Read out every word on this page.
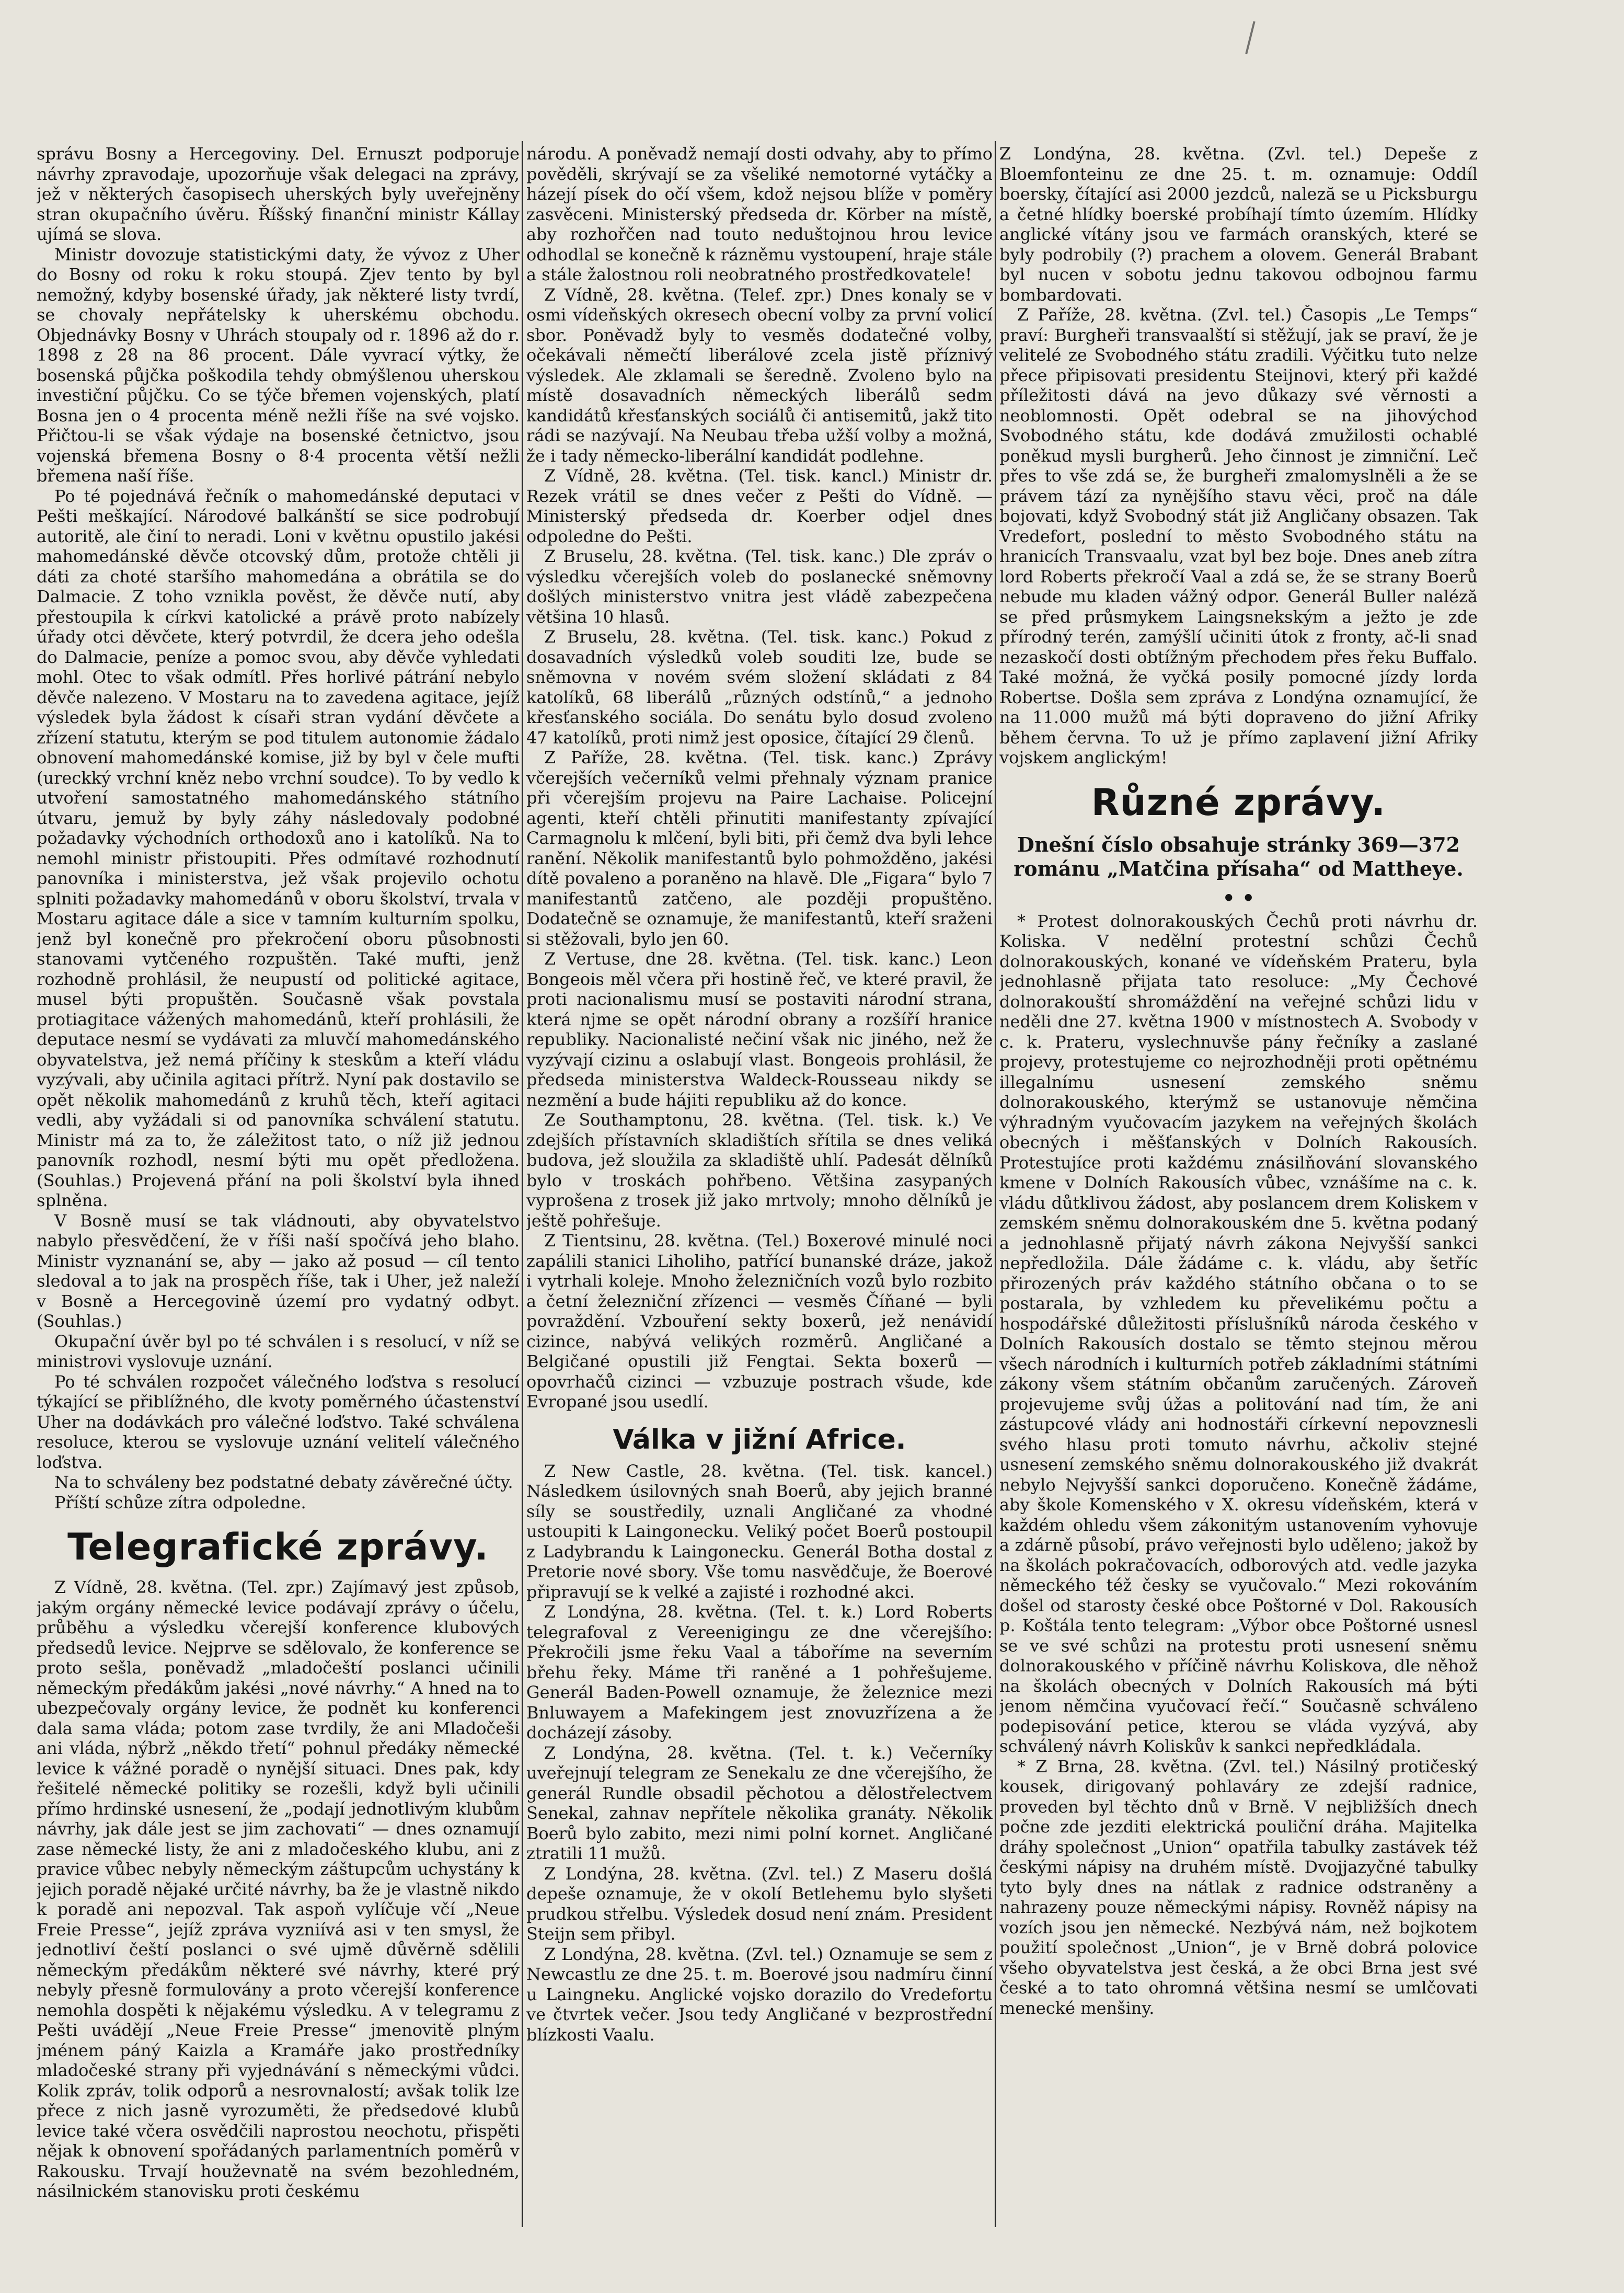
správu Bosny a Hercegoviny. Del. Ernuszt podporuje návrhy zpravodaje, upozorňuje však delegaci na zprávy, jež v některých časopisech uherských byly uveřejněny stran okupačního úvěru. Říšský finanční ministr Kállay ujímá se slova.

Ministr dovozuje statistickými daty, že vývoz z Uher do Bosny od roku k roku stoupá. Zjev tento by byl nemožný, kdyby bosenské úřady, jak některé listy tvrdí, se chovaly nepřátelsky k uherskému obchodu. Objednávky Bosny v Uhrách stoupaly od r. 1896 až do r. 1898 z 28 na 86 procent. Dále vyvrací výtky, že bosenská půjčka poškodila tehdy obmýšlenou uherskou investiční půjčku. Co se týče břemen vojenských, platí Bosna jen o 4 procenta méně nežli říše na své vojsko. Přičtou-li se však výdaje na bosenské četnictvo, jsou vojenská břemena Bosny o 8·4 procenta větší nežli břemena naší říše.

Po té pojednává řečník o mahomedánské deputaci v Pešti meškající. Národové balkánští se sice podrobují autoritě, ale činí to neradi. Loni v květnu opustilo jakési mahomedánské děvče otcovský dům, protože chtěli ji dáti za choté staršího mahomedána a obrátila se do Dalmacie. Z toho vznikla pověst, že děvče nutí, aby přestoupila k církvi katolické a právě proto nabízely úřady otci děvčete, který potvrdil, že dcera jeho odešla do Dalmacie, peníze a pomoc svou, aby děvče vyhledati mohl. Otec to však odmítl. Přes horlivé pátrání nebylo děvče nalezeno. V Mostaru na to zavedena agitace, jejíž výsledek byla žádost k císaři stran vydání děvčete a zřízení statutu, kterým se pod titulem autonomie žádalo obnovení mahomedánské komise, již by byl v čele mufti (ureckký vrchní kněz nebo vrchní soudce). To by vedlo k utvoření samostatného mahomedánského státního útvaru, jemuž by byly záhy následovaly podobné požadavky východních orthodoxů ano i katolíků. Na to nemohl ministr přistoupiti. Přes odmítavé rozhodnutí panovníka i ministerstva, jež však projevilo ochotu splniti požadavky mahomedánů v oboru školství, trvala v Mostaru agitace dále a sice v tamním kulturním spolku, jenž byl konečně pro překročení oboru působnosti stanovami vytčeného rozpuštěn. Také mufti, jenž rozhodně prohlásil, že neupustí od politické agitace, musel býti propuštěn. Současně však povstala protiagitace vážených mahomedánů, kteří prohlásili, že deputace nesmí se vydávati za mluvčí mahomedánského obyvatelstva, jež nemá příčiny k steskům a kteří vládu vyzývali, aby učinila agitaci přítrž. Nyní pak dostavilo se opět několik mahomedánů z kruhů těch, kteří agitaci vedli, aby vyžádali si od panovníka schválení statutu. Ministr má za to, že záležitost tato, o níž již jednou panovník rozhodl, nesmí býti mu opět předložena. (Souhlas.) Projevená přání na poli školství byla ihned splněna.

V Bosně musí se tak vládnouti, aby obyvatelstvo nabylo přesvědčení, že v říši naší spočívá jeho blaho. Ministr vyznanání se, aby — jako až posud — cíl tento sledoval a to jak na prospěch říše, tak i Uher, jež naleží v Bosně a Hercegovině území pro vydatný odbyt. (Souhlas.)

Okupační úvěr byl po té schválen i s resolucí, v níž se ministrovi vyslovuje uznání.

Po té schválen rozpočet válečného loďstva s resolucí týkající se přiblížného, dle kvoty poměrného účastenství Uher na dodávkách pro válečné loďstvo. Také schválena resoluce, kterou se vyslovuje uznání velitelí válečného loďstva.

Na to schváleny bez podstatné debaty závěrečné účty.

Příští schůze zítra odpoledne.

Telegrafické zprávy.

Z Vídně, 28. května. (Tel. zpr.) Zajímavý jest způsob, jakým orgány německé levice podávají zprávy o účelu, průběhu a výsledku včerejší konference klubových předsedů levice. Nejprve se sdělovalo, že konference se proto sešla, poněvadž „mladočeští poslanci učinili německým předákům jakési „nové návrhy.“ A hned na to ubezpečovaly orgány levice, že podnět ku konferenci dala sama vláda; potom zase tvrdily, že ani Mladočeši ani vláda, nýbrž „někdo třetí“ pohnul předáky německé levice k vážné poradě o nynější situaci. Dnes pak, kdy řešitelé německé politiky se rozešli, když byli učinili přímo hrdinské usnesení, že „podají jednotlivým klubům návrhy, jak dále jest se jim zachovati“ — dnes oznamují zase německé listy, že ani z mladočeského klubu, ani z pravice vůbec nebyly německým záštupcům uchystány k jejich poradě nějaké určité návrhy, ba že je vlastně nikdo k poradě ani nepozval. Tak aspoň vylíčuje včí „Neue Freie Presse“, jejíž zpráva vyzniívá asi v ten smysl, že jednotliví čeští poslanci o své ujmě důvěrně sdělili německým předákům některé své návrhy, které prý nebyly přesně formulovány a proto včerejší konference nemohla dospěti k nějakému výsledku. A v telegramu z Pešti uvádějí „Neue Freie Presse“ jmenovitě plným jménem páný Kaizla a Kramáře jako prostředníky mladočeské strany při vyjednávání s německými vůdci. Kolik zpráv, tolik odporů a nesrovnalostí; avšak tolik lze přece z nich jasně vyrozuměti, že předsedové klubů levice také včera osvědčili naprostou neochotu, přispěti nějak k obnovení spořádaných parlamentních poměrů v Rakousku. Trvají houževnatě na svém bezohledném, násilnickém stanovisku proti českému

národu. A poněvadž nemají dosti odvahy, aby to přímo pověděli, skrývají se za všeliké nemotorné vytáčky a házejí písek do očí všem, kdož nejsou blíže v poměry zasvěceni. Ministerský předseda dr. Körber na místě, aby rozhořčen nad touto neduštojnou hrou levice odhodlal se konečně k rázněmu vystoupení, hraje stále a stále žalostnou roli neobratného prostředkovatele!

Z Vídně, 28. května. (Telef. zpr.) Dnes konaly se v osmi vídeňských okresech obecní volby za první volicí sbor. Poněvadž byly to vesměs dodatečné volby, očekávali němečtí liberálové zcela jistě příznivý výsledek. Ale zklamali se šeredně. Zvoleno bylo na místě dosavadních německých liberálů sedm kandidátů křesťanských sociálů či antisemitů, jakž tito rádi se nazývají. Na Neubau třeba užší volby a možná, že i tady německo-liberální kandidát podlehne.

Z Vídně, 28. května. (Tel. tisk. kancl.) Ministr dr. Rezek vrátil se dnes večer z Pešti do Vídně. — Ministerský předseda dr. Koerber odjel dnes odpoledne do Pešti.

Z Bruselu, 28. května. (Tel. tisk. kanc.) Dle zpráv o výsledku včerejších voleb do poslanecké sněmovny došlých ministerstvo vnitra jest vládě zabezpečena většina 10 hlasů.

Z Bruselu, 28. května. (Tel. tisk. kanc.) Pokud z dosavadních výsledků voleb souditi lze, bude se sněmovna v novém svém složení skládati z 84 katolíků, 68 liberálů „různých odstínů,“ a jednoho křesťanského sociála. Do senátu bylo dosud zvoleno 47 katolíků, proti nimž jest oposice, čítající 29 členů.

Z Paříže, 28. května. (Tel. tisk. kanc.) Zprávy včerejších večerníků velmi přehnaly význam pranice při včerejším projevu na Paire Lachaise. Policejní agenti, kteří chtěli přinutiti manifestanty zpívající Carmagnolu k mlčení, byli biti, při čemž dva byli lehce ranění. Několik manifestantů bylo pohmožděno, jakési dítě povaleno a poraněno na hlavě. Dle „Figara“ bylo 7 manifestantů zatčeno, ale později propuštěno. Dodatečně se oznamuje, že manifestantů, kteří sraženi si stěžovali, bylo jen 60.

Z Vertuse, dne 28. května. (Tel. tisk. kanc.) Leon Bongeois měl včera při hostině řeč, ve které pravil, že proti nacionalismu musí se postaviti národní strana, která njme se opět národní obrany a rozšíří hranice republiky. Nacionalisté nečiní však nic jiného, než že vyzývají cizinu a oslabují vlast. Bongeois prohlásil, že předseda ministerstva Waldeck-Rousseau nikdy se nezmění a bude hájiti republiku až do konce.

Ze Southamptonu, 28. května. (Tel. tisk. k.) Ve zdejších přístavních skladištích sřítila se dnes veliká budova, jež sloužila za skladiště uhlí. Padesát dělníků bylo v troskách pohřbeno. Většina zasypaných vyprošena z trosek již jako mrtvoly; mnoho dělníků je ještě pohřešuje.

Z Tientsinu, 28. května. (Tel.) Boxerové minulé noci zapálili stanici Liholiho, patřící bunanské dráze, jakož i vytrhali koleje. Mnoho železničních vozů bylo rozbito a četní železniční zřízenci — vesměs Číňané — byli povraždění. Vzbouření sekty boxerů, jež nenávidí cizince, nabývá velikých rozměrů. Angličané a Belgičané opustili již Fengtai. Sekta boxerů — opovrhačů cizinci — vzbuzuje postrach všude, kde Evropané jsou usedlí.

Válka v jižní Africe.

Z New Castle, 28. května. (Tel. tisk. kancel.) Následkem úsilovných snah Boerů, aby jejich branné síly se soustředily, uznali Angličané za vhodné ustoupiti k Laingonecku. Veliký počet Boerů postoupil z Ladybrandu k Laingonecku. Generál Botha dostal z Pretorie nové sbory. Vše tomu nasvědčuje, že Boerové připravují se k velké a zajisté i rozhodné akci.

Z Londýna, 28. května. (Tel. t. k.) Lord Roberts telegrafoval z Vereenigingu ze dne včerejšího: Překročili jsme řeku Vaal a táboříme na severním břehu řeky. Máme tři raněné a 1 pohřešujeme. Generál Baden-Powell oznamuje, že železnice mezi Bnluwayem a Mafekingem jest znovuzřízena a že docházejí zásoby.

Z Londýna, 28. května. (Tel. t. k.) Večerníky uveřejnují telegram ze Senekalu ze dne včerejšího, že generál Rundle obsadil pěchotou a dělostřelectvem Senekal, zahnav nepřítele několika granáty. Několik Boerů bylo zabito, mezi nimi polní kornet. Angličané ztratili 11 mužů.

Z Londýna, 28. května. (Zvl. tel.) Z Maseru došlá depeše oznamuje, že v okolí Betlehemu bylo slyšeti prudkou střelbu. Výsledek dosud není znám. President Steijn sem přibyl.

Z Londýna, 28. května. (Zvl. tel.) Oznamuje se sem z Newcastlu ze dne 25. t. m. Boerové jsou nadmíru činní u Laingneku. Anglické vojsko dorazilo do Vredefortu ve čtvrtek večer. Jsou tedy Angličané v bezprostřední blízkosti Vaalu.

Z Londýna, 28. května. (Zvl. tel.) Depeše z Bloemfonteinu ze dne 25. t. m. oznamuje: Oddíl boersky, čítající asi 2000 jezdců, naleză se u Picksburgu a četné hlídky boerské probíhají tímto územím. Hlídky anglické vítány jsou ve farmách oranských, které se byly podrobily (?) prachem a olovem. Generál Brabant byl nucen v sobotu jednu takovou odbojnou farmu bombardovati.

Z Paříže, 28. května. (Zvl. tel.) Časopis „Le Temps“ praví: Burgheři transvaalští si stěžují, jak se praví, že je velitelé ze Svobodného státu zradili. Výčitku tuto nelze přece připisovati presidentu Steijnovi, který při každé příležitosti dává na jevo důkazy své věrnosti a neoblomnosti. Opět odebral se na jihovýchod Svobodného státu, kde dodává zmužilosti ochablé poněkud mysli burgherů. Jeho činnost je zimniční. Leč přes to vše zdá se, že burgheři zmalomyslněli a že se právem tází za nynějšího stavu věci, proč na dále bojovati, když Svobodný stát již Angličany obsazen. Tak Vredefort, poslední to město Svobodného státu na hranicích Transvaalu, vzat byl bez boje. Dnes aneb zítra lord Roberts překročí Vaal a zdá se, že se strany Boerů nebude mu kladen vážný odpor. Generál Buller naléză se před průsmykem Laingsnekským a ježto je zde přírodný terén, zamýšlí učiniti útok z fronty, ač-li snad nezaskočí dosti obtížným přechodem přes řeku Buffalo. Také možná, že vyčká posily pomocné jízdy lorda Robertse. Došla sem zpráva z Londýna oznamující, že na 11.000 mužů má býti dopraveno do jižní Afriky během června. To už je přímo zaplavení jižní Afriky vojskem anglickým!

Různé zprávy.

Dnešní číslo obsahuje stránky 369—372 románu „Matčina přísaha“ od Mattheye.

• •

* Protest dolnorakouských Čechů proti návrhu dr. Koliska. V nedělní protestní schůzi Čechů dolnorakouských, konané ve vídeňském Prateru, byla jednohlasně přijata tato resoluce: „My Čechové dolnorakouští shromáždění na veřejné schůzi lidu v neděli dne 27. května 1900 v místnostech A. Svobody v c. k. Prateru, vyslechnuvše pány řečníky a zaslané projevy, protestujeme co nejrozhodněji proti opětnému illegalnímu usnesení zemského sněmu dolnorakouského, kterýmž se ustanovuje němčina výhradným vyučovacím jazykem na veřejných školách obecných i měšťanských v Dolních Rakousích. Protestujíce proti každému znásilňování slovanského kmene v Dolních Rakousích vůbec, vznášíme na c. k. vládu důtklivou žádost, aby poslancem drem Koliskem v zemském sněmu dolnorakouském dne 5. května podaný a jednohlasně přijatý návrh zákona Nejvyšší sankci nepředložila. Dále žádáme c. k. vládu, aby šetříc přirozených práv každého státního občana o to se postarala, by vzhledem ku převelikému počtu a hospodářské důležitosti příslušníků národa českého v Dolních Rakousích dostalo se těmto stejnou měrou všech národních i kulturních potřeb základními státními zákony všem státním občanům zaručených. Zároveň projevujeme svůj úžas a politování nad tím, že ani zástupcové vlády ani hodnostáři církevní nepovznesli svého hlasu proti tomuto návrhu, ačkoliv stejné usnesení zemského sněmu dolnorakouského již dvakrát nebylo Nejvyšší sankci doporučeno. Konečně žádáme, aby škole Komenského v X. okresu vídeňském, která v každém ohledu všem zákonitým ustanovením vyhovuje a zdárně působí, právo veřejnosti bylo uděleno; jakož by na školách pokračovacích, odborových atd. vedle jazyka německého též česky se vyučovalo.“ Mezi rokováním došel od starosty české obce Poštorné v Dol. Rakousích p. Koštála tento telegram: „Výbor obce Poštorné usnesl se ve své schůzi na protestu proti usnesení sněmu dolnorakouského v příčině návrhu Koliskova, dle něhož na školách obecných v Dolních Rakousích má býti jenom němčina vyučovací řečí.“ Současně schváleno podepisování petice, kterou se vláda vyzývá, aby schválený návrh Koliskův k sankci nepředkládala.

* Z Brna, 28. května. (Zvl. tel.) Násilný protičeský kousek, dirigovaný pohlaváry ze zdejší radnice, proveden byl těchto dnů v Brně. V nejbližších dnech počne zde jezditi elektrická pouliční dráha. Majitelka dráhy společnost „Union“ opatřila tabulky zastávek též českými nápisy na druhém místě. Dvojjazyčné tabulky tyto byly dnes na nátlak z radnice odstraněny a nahrazeny pouze německými nápisy. Rovněž nápisy na vozích jsou jen německé. Nezbývá nám, než bojkotem použití společnost „Union“, je v Brně dobrá polovice všeho obyvatelstva jest česká, a že obci Brna jest své české a to tato ohromná většina nesmí se umlčovati menecké menšiny.
